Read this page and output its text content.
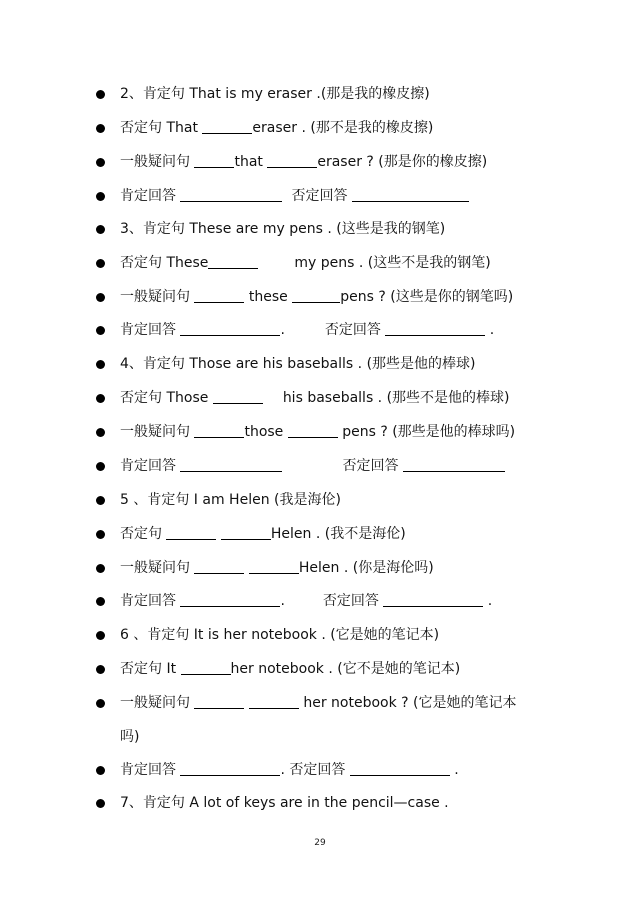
2、肯定句 That is my eraser .(那是我的橡皮擦)
否定句 That	eraser . (那不是我的橡皮擦)
一般疑问句	that	eraser ? (那是你的橡皮擦)
肯定回答	否定回答
3、肯定句 These are my pens . (这些是我的钢笔)
否定句 These	my pens . (这些不是我的钢笔)
一般疑问句	these	pens ? (这些是你的钢笔吗)
肯定回答	.	否定回答	.
4、肯定句 Those are his baseballs . (那些是他的棒球)
否定句 Those	his baseballs . (那些不是他的棒球)
一般疑问句	those	pens ? (那些是他的棒球吗)
肯定回答	否定回答
5 、肯定句 I am Helen (我是海伦)
否定句	Helen . (我不是海伦)
一般疑问句	Helen . (你是海伦吗)
肯定回答	.	否定回答	.
6 、肯定句 It is her notebook . (它是她的笔记本)
否定句 It	her notebook . (它不是她的笔记本)
一般疑问句	her notebook ? (它是她的笔记本
吗)
肯定回答	. 否定回答	.
7、肯定句 A lot of keys are in the pencil—case .
29
